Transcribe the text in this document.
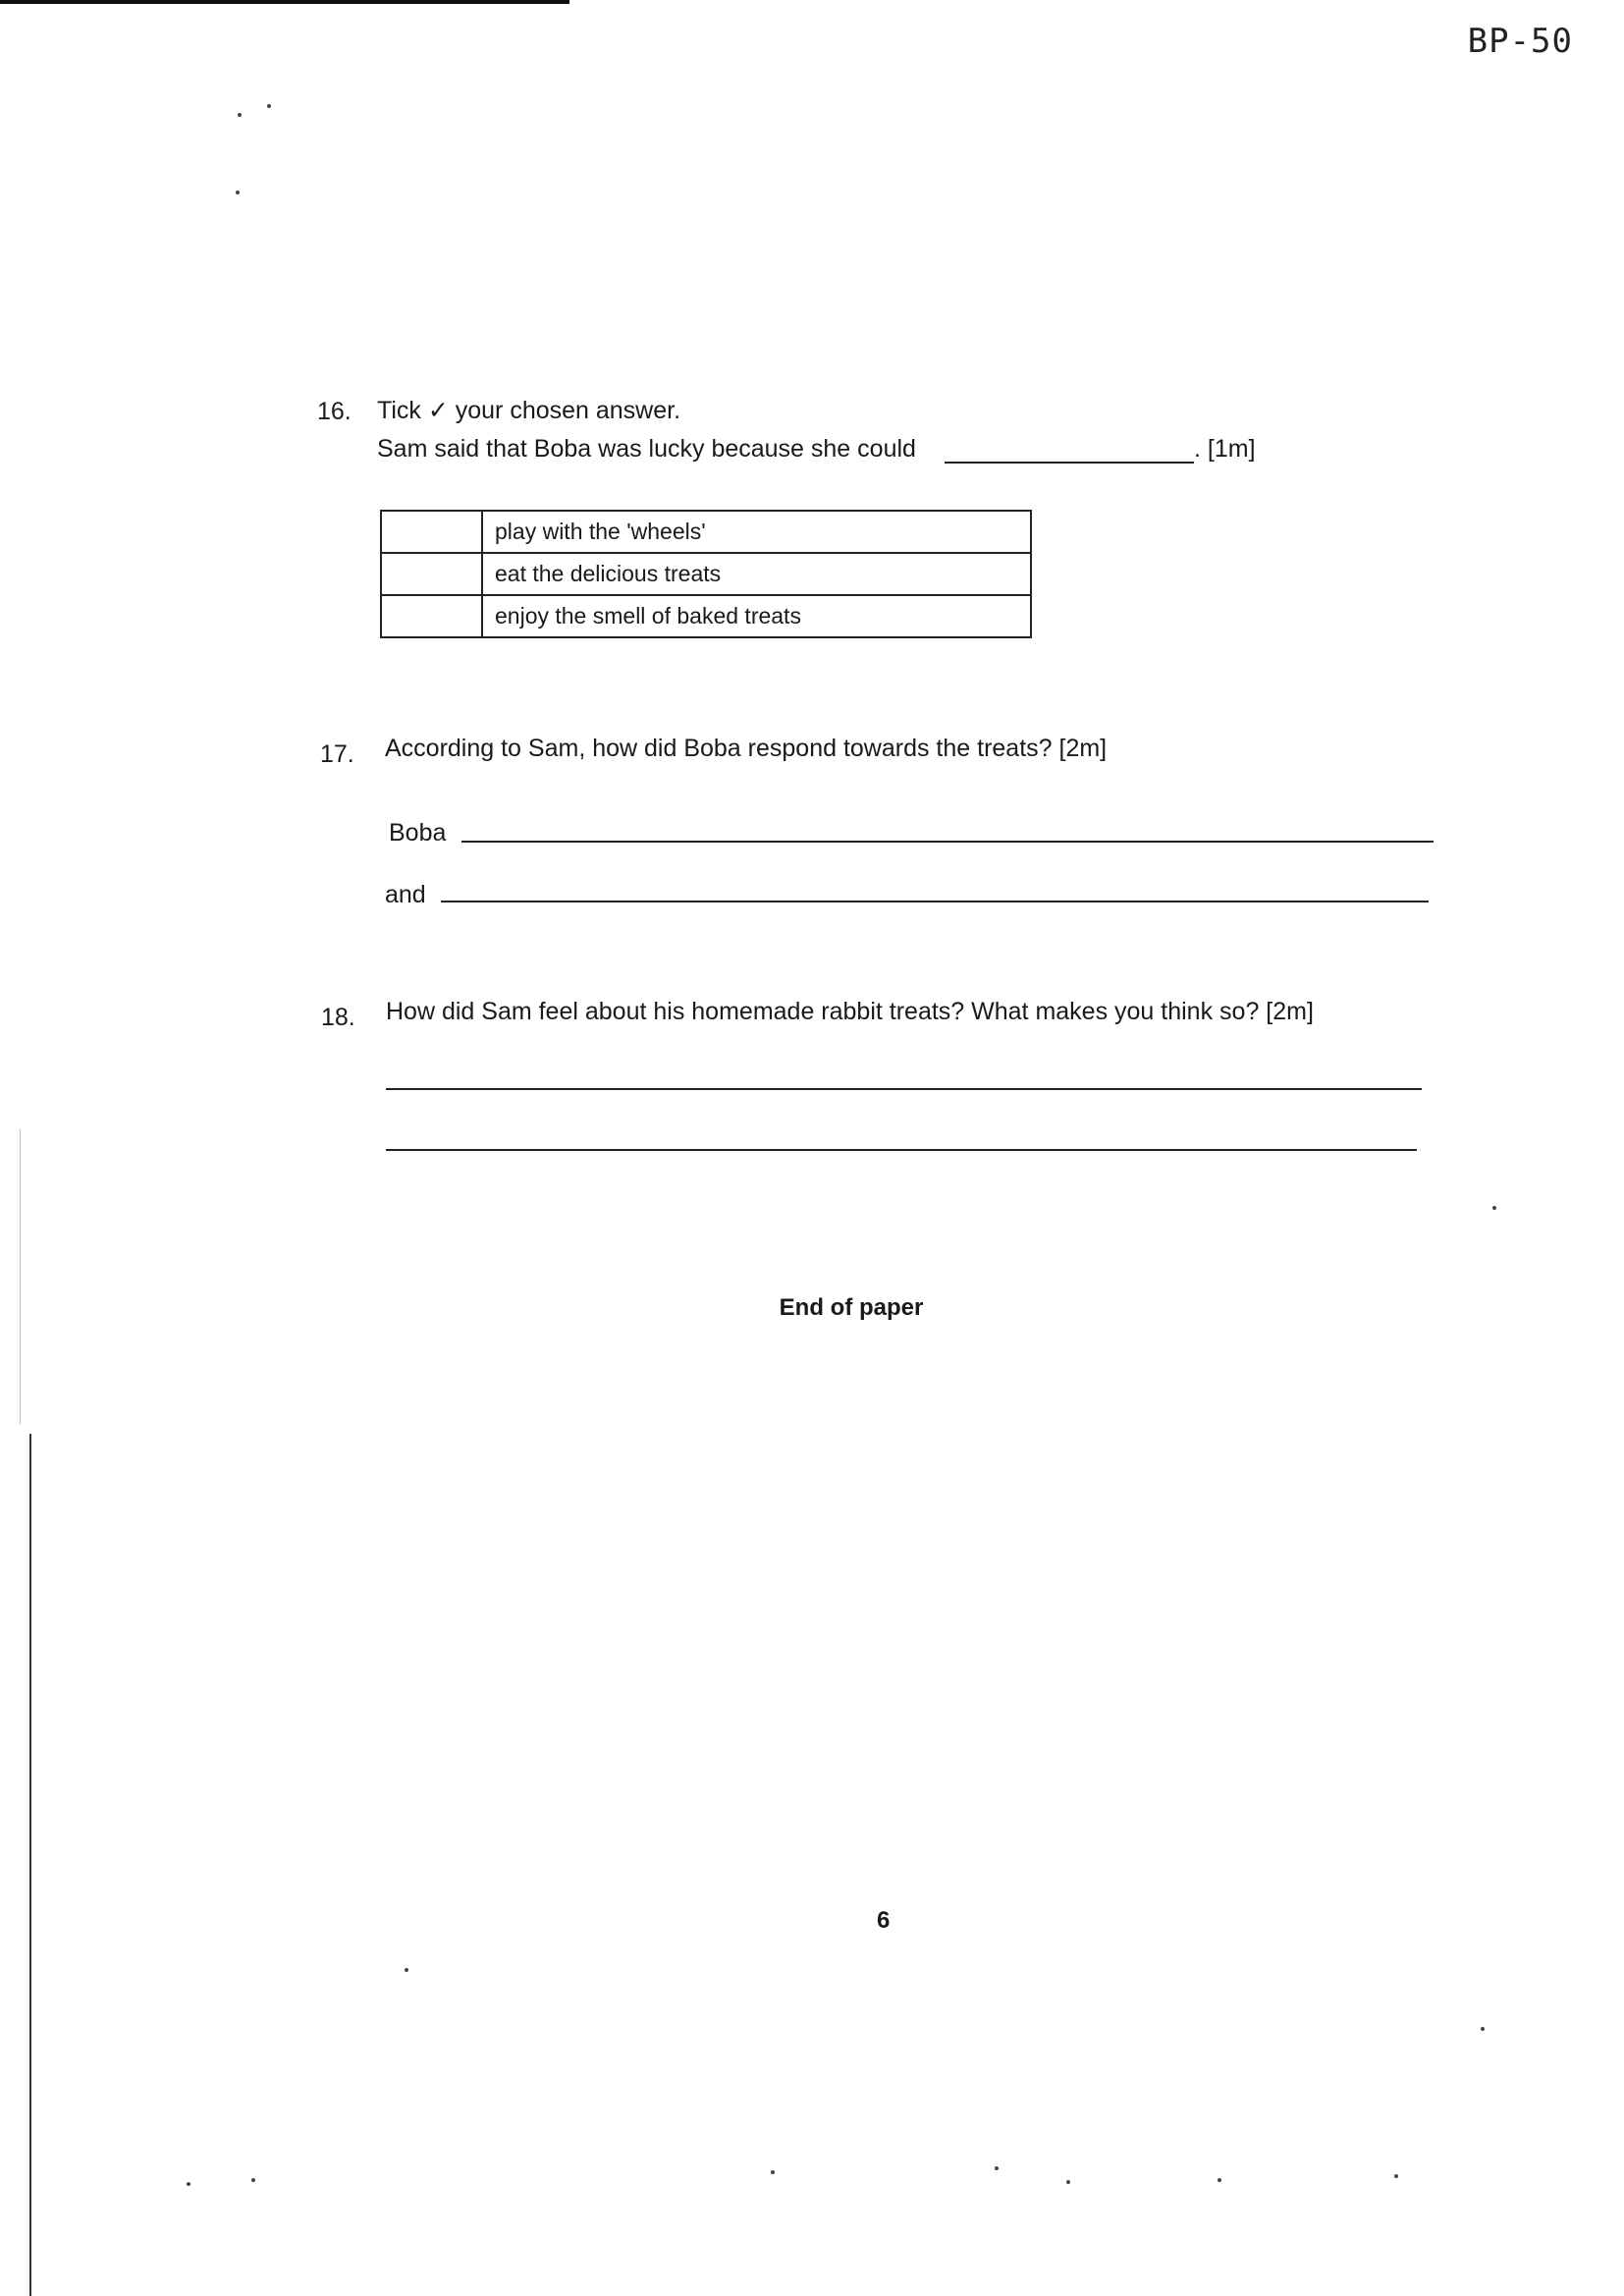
BP-50
16. Tick ✓ your chosen answer.
Sam said that Boba was lucky because she could	. [1m]
	play with the 'wheels'
	eat the delicious treats
	enjoy the smell of baked treats
17. According to Sam, how did Boba respond towards the treats? [2m]
Boba
and
18. How did Sam feel about his homemade rabbit treats? What makes you think so? [2m]
End of paper
6
